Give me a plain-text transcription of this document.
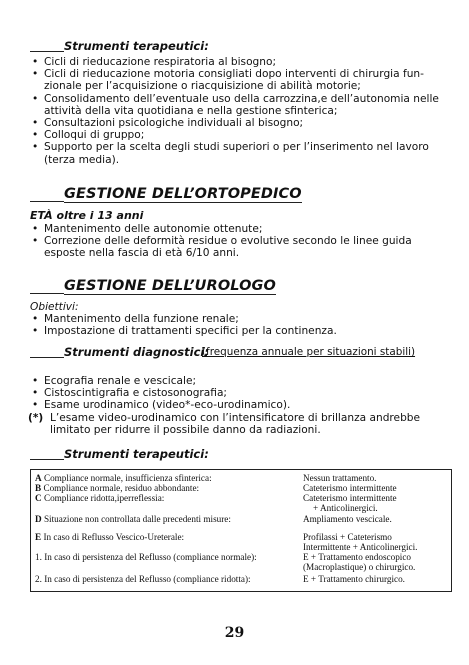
Strumenti terapeutici:
• Cicli di rieducazione respiratoria al bisogno;
• Cicli di rieducazione motoria consigliati dopo interventi di chirurgia fun-zionale per l’acquisizione o riacquisizione di abilità motorie;
• Consolidamento dell’eventuale uso della carrozzina,e dell’autonomia nelle attività della vita quotidiana e nella gestione sfinterica;
• Consultazioni psicologiche individuali al bisogno;
• Colloqui di gruppo;
• Supporto per la scelta degli studi superiori o per l’inserimento nel lavoro (terza media).
GESTIONE DELL’ORTOPEDICO
ETÀ oltre i 13 anni
• Mantenimento delle autonomie ottenute;
• Correzione delle deformità residue o evolutive secondo le linee guida esposte nella fascia di età 6/10 anni.
GESTIONE DELL’UROLOGO
Obiettivi:
• Mantenimento della funzione renale;
• Impostazione di trattamenti specifici per la continenza.
Strumenti diagnostici:
(frequenza annuale per situazioni stabili)
• Ecografia renale e vescicale;
• Cistoscintigrafia e cistosonografia;
• Esame urodinamico (video*-eco-urodinamico).
(*) L’esame video-urodinamico con l’intensificatore di brillanza andrebbe limitato per ridurre il possibile danno da radiazioni.
Strumenti terapeutici:
A Compliance normale, insufficienza sfinterica:	Nessun trattamento.
B Compliance normale, residuo abbondante:	Cateterismo intermittente
C Compliance ridotta,iperreflessia:	Cateterismo intermittente
+ Anticolinergici.
D Situazione non controllata dalle precedenti misure:	Ampliamento vescicale.
E In caso di Reflusso Vescico-Ureterale:	Profilassi + Cateterismo
Intermittente + Anticolinergici.
1. In caso di persistenza del Reflusso (compliance normale):	E + Trattamento endoscopico
(Macroplastique) o chirurgico.
2. In caso di persistenza del Reflusso (compliance ridotta):	E + Trattamento chirurgico.
29
